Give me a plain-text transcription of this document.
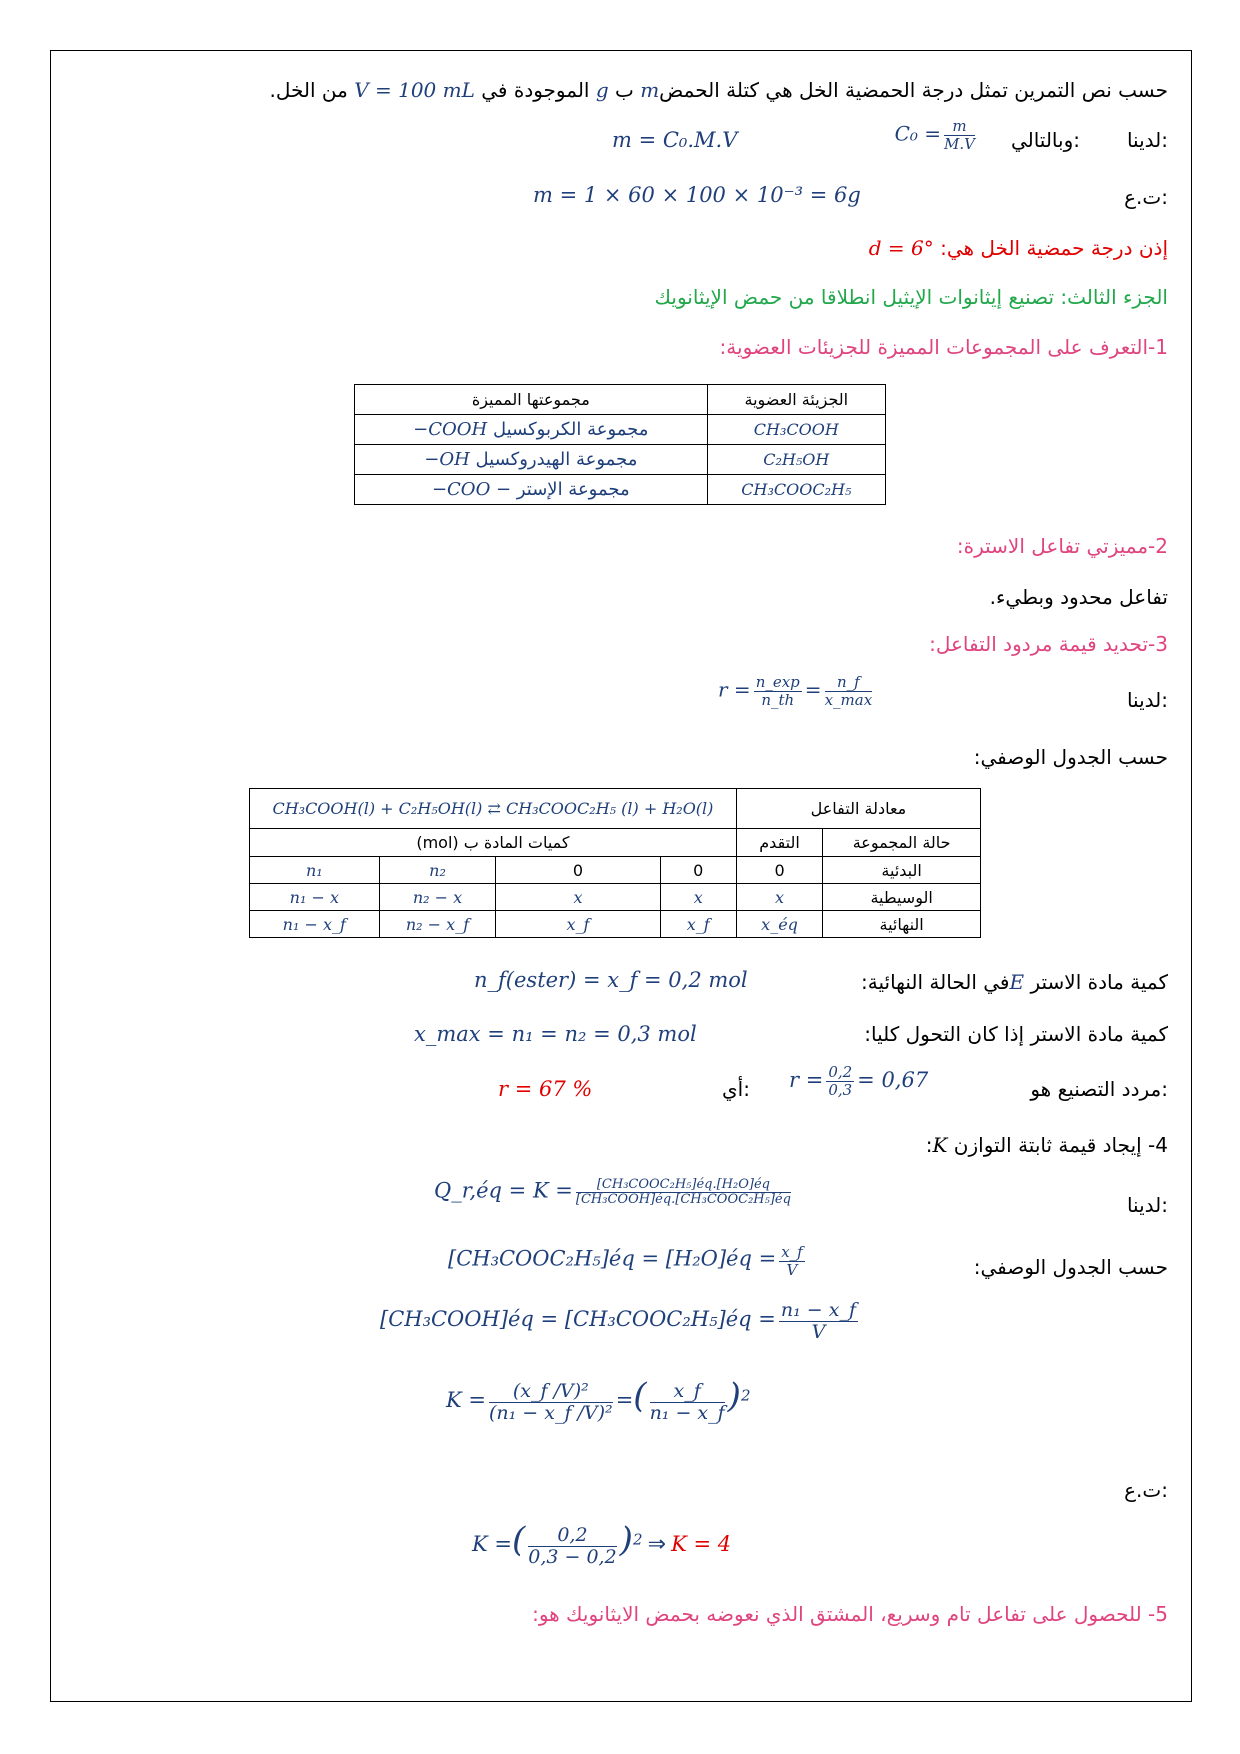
حسب نص التمرين تمثل درجة الحمضية الخل هي كتلة الحمضm ب g الموجودة في V = 100 mL من الخل.
لدينا:
$C_0 = \frac{m}{M.V}$ وبالتالي:
m = C₀.M.V
ت.ع:
m = 1 × 60 × 100 × 10⁻³ = 6g
إذن درجة حمضية الخل هي: d = 6°
الجزء الثالث: تصنيع إيثانوات الإيثيل انطلاقا من حمض الإيثانويك
1-التعرف على المجموعات المميزة للجزيئات العضوية:
مجموعتها المميزة	الجزيئة العضوية
مجموعة الكربوكسيل −COOH	CH₃COOH
مجموعة الهيدروكسيل −OH	C₂H₅OH
مجموعة الإستر −COO −	CH₃COOC₂H₅
2-مميزتي تفاعل الاسترة:
تفاعل محدود وبطيء.
3-تحديد قيمة مردود التفاعل:
لدينا:
$r = \frac{n\_\exp}{n\_th} = \frac{n\_f}{x\_\max}$
حسب الجدول الوصفي:
CH₃COOH(l) + C₂H₅OH(l) ⇄ CH₃COOC₂H₅ (l) + H₂O(l)				معادلة التفاعل	
كميات المادة ب (mol)				التقدم	حالة المجموعة
n₁	n₂	0	0	0	البدئية
n₁ − x	n₂ − x	x	x	x	الوسيطية
n₁ − x_f	n₂ − x_f	x_f	x_f	x_éq	النهائية
كمية مادة الاستر Eفي الحالة النهائية:
n_f(ester) = x_f = 0,2 mol
كمية مادة الاستر إذا كان التحول كليا:
x_max = n₁ = n₂ = 0,3 mol
مردد التصنيع هو:
$r = \frac{0,2}{0,3} = 0,67$
أي:
r = 67 %
4- إيجاد قيمة ثابتة التوازن K:
لدينا:
Q_r,éq = $K = \frac{\text{[CH₃COOC₂H₅]éq.[H₂O]éq}}{\text{[CH₃COOH]éq.[CH₃COOC₂H₅]éq}}$
حسب الجدول الوصفي:
[CH₃COOC₂H₅]éq = [H₂O]éq = $\frac{x\_f}{V}$
[CH₃COOH]éq = [CH₃COOC₂H₅]éq = $\frac{\text{n₁ − x\_f}}{V}$
$K = \frac{\text{(x\_f /V)²}}{\text{(n₁ − x\_f /V)²}}$ =( $\frac{x\_f}{\text{n₁ − x\_f}} )^2$
ت.ع:
K =( $\frac{0,2}{0,3 - 0,2} )^2$ ⇒ K = 4
5- للحصول على تفاعل تام وسريع، المشتق الذي نعوضه بحمض الايثانويك هو:
